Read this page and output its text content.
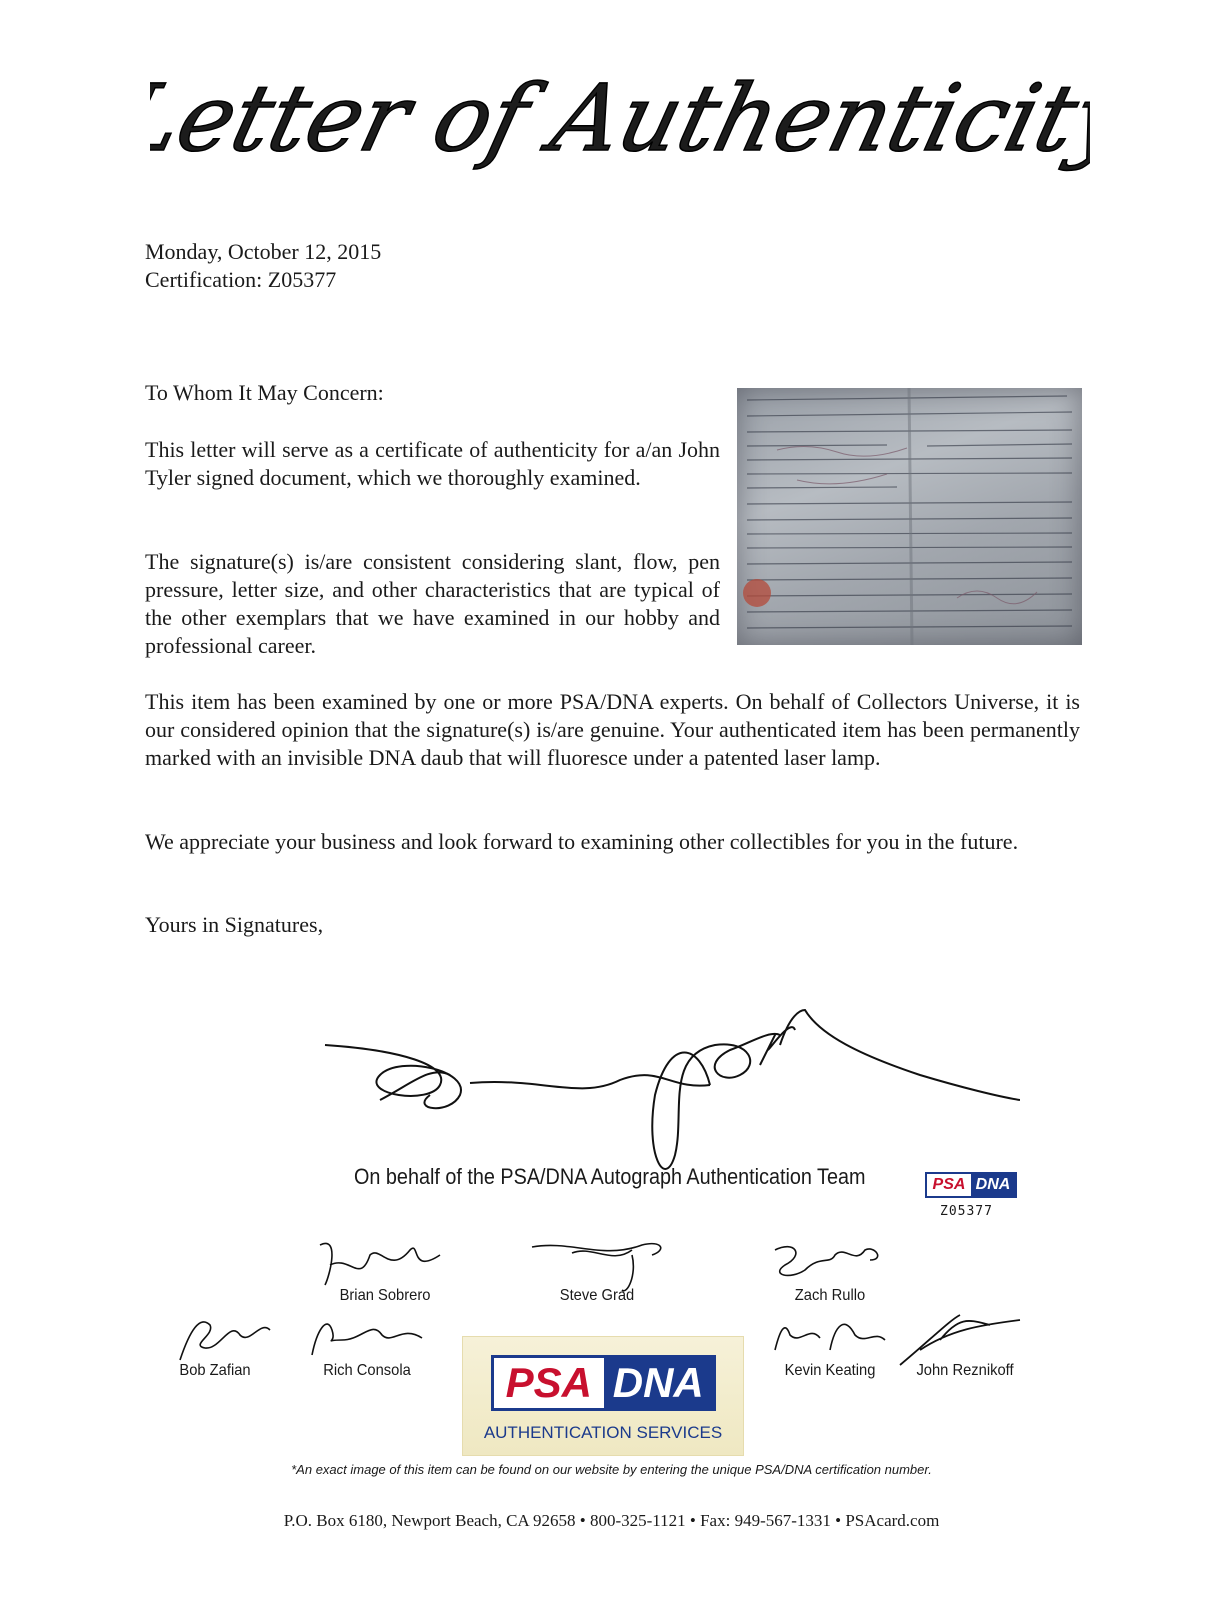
Letter of Authenticity
Monday, October 12, 2015
Certification: Z05377
To Whom It May Concern:

This letter will serve as a certificate of authenticity for a/an John Tyler signed document, which we thoroughly examined.

The signature(s) is/are consistent considering slant, flow, pen pressure, letter size, and other characteristics that are typical of the other exemplars that we have examined in our hobby and professional career.

This item has been examined by one or more PSA/DNA experts. On behalf of Collectors Universe, it is our considered opinion that the signature(s) is/are genuine. Your authenticated item has been permanently marked with an invisible DNA daub that will fluoresce under a patented laser lamp.

We appreciate your business and look forward to examining other collectibles for you in the future.

Yours in Signatures,
On behalf of the PSA/DNA Autograph Authentication Team	PSA DNA
Z05377
Brian Sobrero	Steve Grad	Zach Rullo
Bob Zafian	Rich Consola	Kevin Keating	John Reznikoff
PSA DNA
AUTHENTICATION SERVICES
*An exact image of this item can be found on our website by entering the unique PSA/DNA certification number.
P.O. Box 6180, Newport Beach, CA 92658 • 800-325-1121 • Fax: 949-567-1331 • PSAcard.com
